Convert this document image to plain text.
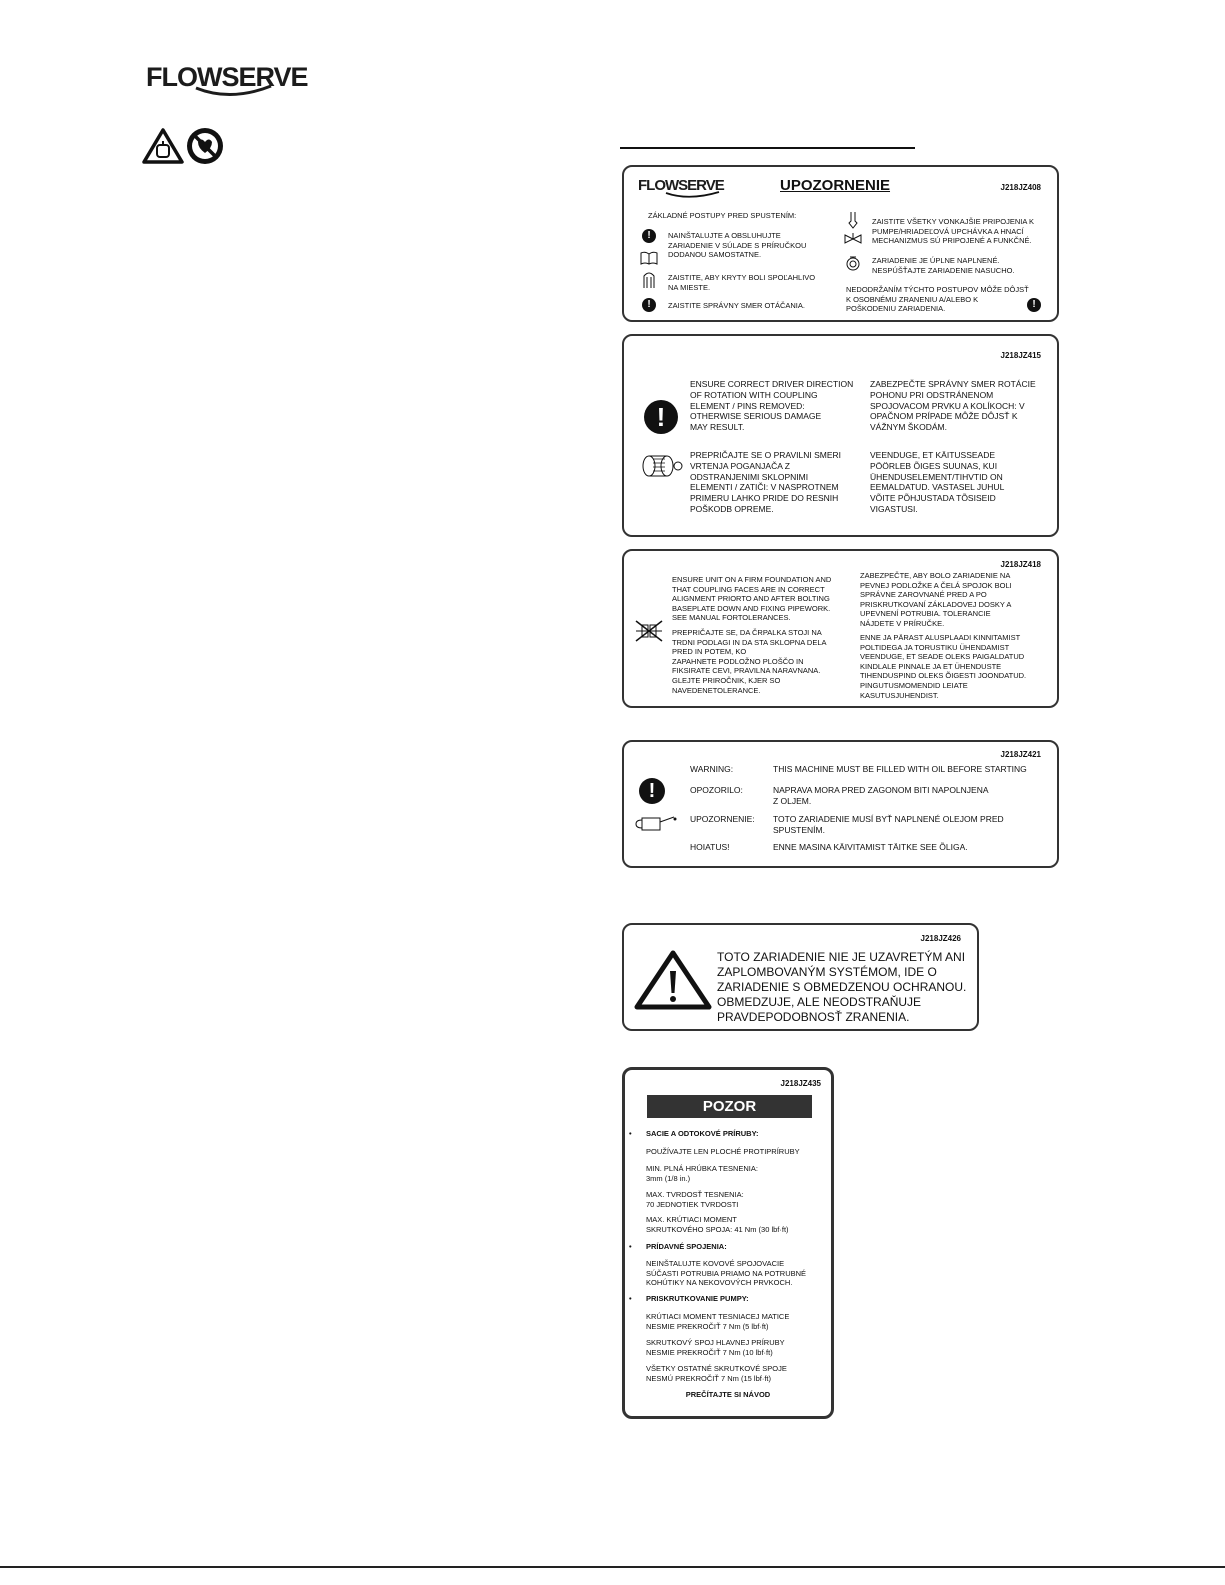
FLOWSERVE
FLOWSERVE	UPOZORNENIE	J218JZ408
ZÁKLADNÉ POSTUPY PRED SPUSTENÍM:
!	NAINŠTALUJTE A OBSLUHUJTE
ZARIADENIE V SÚLADE S PRÍRUČKOU
DODANOU SAMOSTATNE.
ZAISTITE, ABY KRYTY BOLI SPOĽAHLIVO
NA MIESTE.
!	ZAISTITE SPRÁVNY SMER OTÁČANIA.
ZAISTITE VŠETKY VONKAJŠIE PRIPOJENIA K
PUMPE/HRIADEĽOVÁ UPCHÁVKA A HNACÍ
MECHANIZMUS SÚ PRIPOJENÉ A FUNKČNÉ.
ZARIADENIE JE ÚPLNE NAPLNENÉ.
NESPÚŠŤAJTE ZARIADENIE NASUCHO.
NEDODRŽANÍM TÝCHTO POSTUPOV MÔŽE DÔJSŤ
K OSOBNÉMU ZRANENIU A/ALEBO K
POŠKODENIU ZARIADENIA.	!
J218JZ415
!
ENSURE CORRECT DRIVER DIRECTION
OF ROTATION WITH COUPLING
ELEMENT / PINS REMOVED:
OTHERWISE SERIOUS DAMAGE
MAY RESULT.
ZABEZPEČTE SPRÁVNY SMER ROTÁCIE
POHONU PRI ODSTRÁNENOM
SPOJOVACOM PRVKU A KOLÍKOCH: V
OPAČNOM PRÍPADE MÔŽE DÔJSŤ K
VÁŽNYM ŠKODÁM.
PREPRIČAJTE SE O PRAVILNI SMERI
VRTENJA POGANJAČA Z
ODSTRANJENIMI SKLOPNIMI
ELEMENTI / ZATIČI: V NASPROTNEM
PRIMERU LAHKO PRIDE DO RESNIH
POŠKODB OPREME.
VEENDUGE, ET KÄITUSSEADE
PÖÖRLEB ÕIGES SUUNAS, KUI
ÜHENDUSELEMENT/TIHVTID ON
EEMALDATUD. VASTASEL JUHUL
VÕITE PÕHJUSTADA TÕSISEID
VIGASTUSI.
J218JZ418
ENSURE UNIT ON A FIRM FOUNDATION AND
THAT COUPLING FACES ARE IN CORRECT
ALIGNMENT PRIORTO AND AFTER BOLTING
BASEPLATE DOWN AND FIXING PIPEWORK.
SEE MANUAL FORTOLERANCES.
PREPRIČAJTE SE, DA ČRPALKA STOJI NA
TRDNI PODLAGI IN DA STA SKLOPNA DELA
PRED IN POTEM, KO
ZAPAHNETE PODLOŽNO PLOŠČO IN
FIKSIRATE CEVI, PRAVILNA NARAVNANA.
GLEJTE PRIROČNIK, KJER SO
NAVEDENETOLERANCE.
ZABEZPEČTE, ABY BOLO ZARIADENIE NA
PEVNEJ PODLOŽKE A ČELÁ SPOJOK BOLI
SPRÁVNE ZAROVNANÉ PRED A PO
PRISKRUTKOVANÍ ZÁKLADOVEJ DOSKY A
UPEVNENÍ POTRUBIA. TOLERANCIE
NÁJDETE V PRÍRUČKE.
ENNE JA PÄRAST ALUSPLAADI KINNITAMIST
POLTIDEGA JA TORUSTIKU ÜHENDAMIST
VEENDUGE, ET SEADE OLEKS PAIGALDATUD
KINDLALE PINNALE JA ET ÜHENDUSTE
TIHENDUSPIND OLEKS ÕIGESTI JOONDATUD.
PINGUTUSMOMENDID LEIATE
KASUTUSJUHENDIST.
J218JZ421
!
WARNING:	THIS MACHINE MUST BE FILLED WITH OIL BEFORE STARTING
OPOZORILO:	NAPRAVA MORA PRED ZAGONOM BITI NAPOLNJENA
Z OLJEM.
UPOZORNENIE: TOTO ZARIADENIE MUSÍ BYŤ NAPLNENÉ OLEJOM PRED
SPUSTENÍM.
HOIATUS!	ENNE MASINA KÄIVITAMIST TÄITKE SEE ÕLIGA.
J218JZ426
TOTO ZARIADENIE NIE JE UZAVRETÝM ANI
ZAPLOMBOVANÝM SYSTÉMOM, IDE O
ZARIADENIE S OBMEDZENOU OCHRANOU.
OBMEDZUJE, ALE NEODSTRAŇUJE
PRAVDEPODOBNOSŤ ZRANENIA.
J218JZ435
POZOR
• SACIE A ODTOKOVÉ PRÍRUBY:
POUŽÍVAJTE LEN PLOCHÉ PROTIPRÍRUBY
MIN. PLNÁ HRÚBKA TESNENIA:
3mm (1/8 in.)
MAX. TVRDOSŤ TESNENIA:
70 JEDNOTIEK TVRDOSTI
MAX. KRÚTIACI MOMENT
SKRUTKOVÉHO SPOJA: 41 Nm (30 lbf·ft)
• PRÍDAVNÉ SPOJENIA:
NEINŠTALUJTE KOVOVÉ SPOJOVACIE
SÚČASTI POTRUBIA PRIAMO NA POTRUBNÉ
KOHÚTIKY NA NEKOVOVÝCH PRVKOCH.
• PRISKRUTKOVANIE PUMPY:
KRÚTIACI MOMENT TESNIACEJ MATICE
NESMIE PREKROČIŤ 7 Nm (5 lbf·ft)
SKRUTKOVÝ SPOJ HLAVNEJ PRÍRUBY
NESMIE PREKROČIŤ 7 Nm (10 lbf·ft)
VŠETKY OSTATNÉ SKRUTKOVÉ SPOJE
NESMÚ PREKROČIŤ 7 Nm (15 lbf·ft)
PREČÍTAJTE SI NÁVOD
